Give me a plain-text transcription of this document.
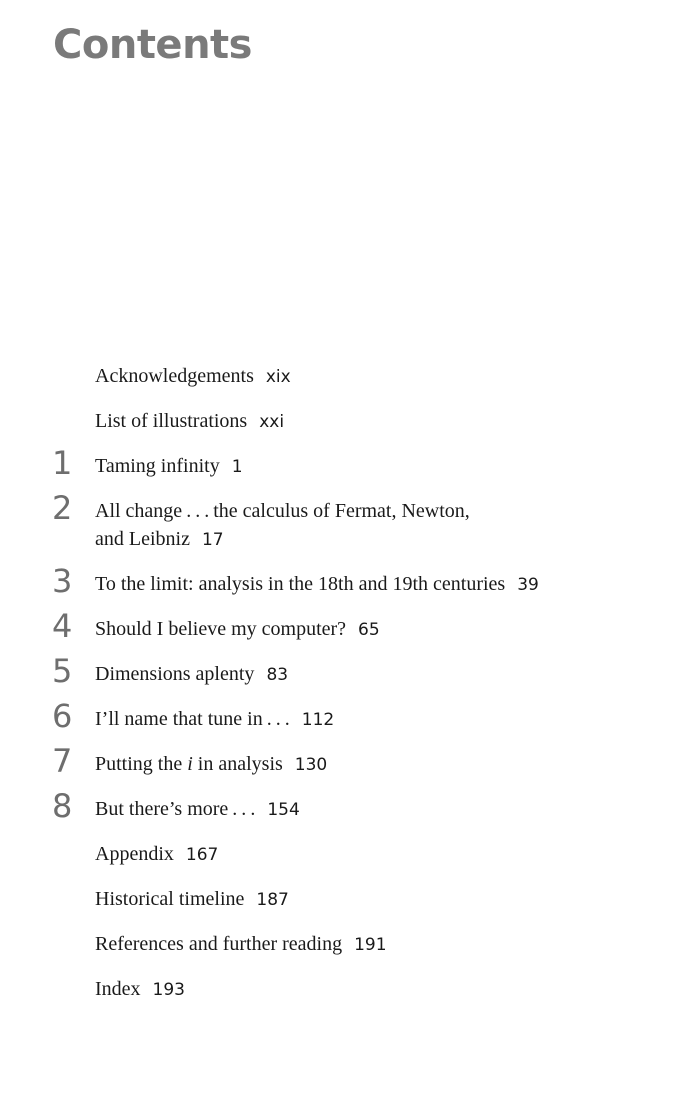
Contents
Acknowledgements xix
List of illustrations xxi
1	Taming infinity 1
2	All change . . . the calculus of Fermat, Newton,
and Leibniz 17
3	To the limit: analysis in the 18th and 19th centuries 39
4	Should I believe my computer? 65
5	Dimensions aplenty 83
6	I’ll name that tune in . . . 112
7	Putting the i in analysis 130
8	But there’s more . . . 154
Appendix 167
Historical timeline 187
References and further reading 191
Index 193
